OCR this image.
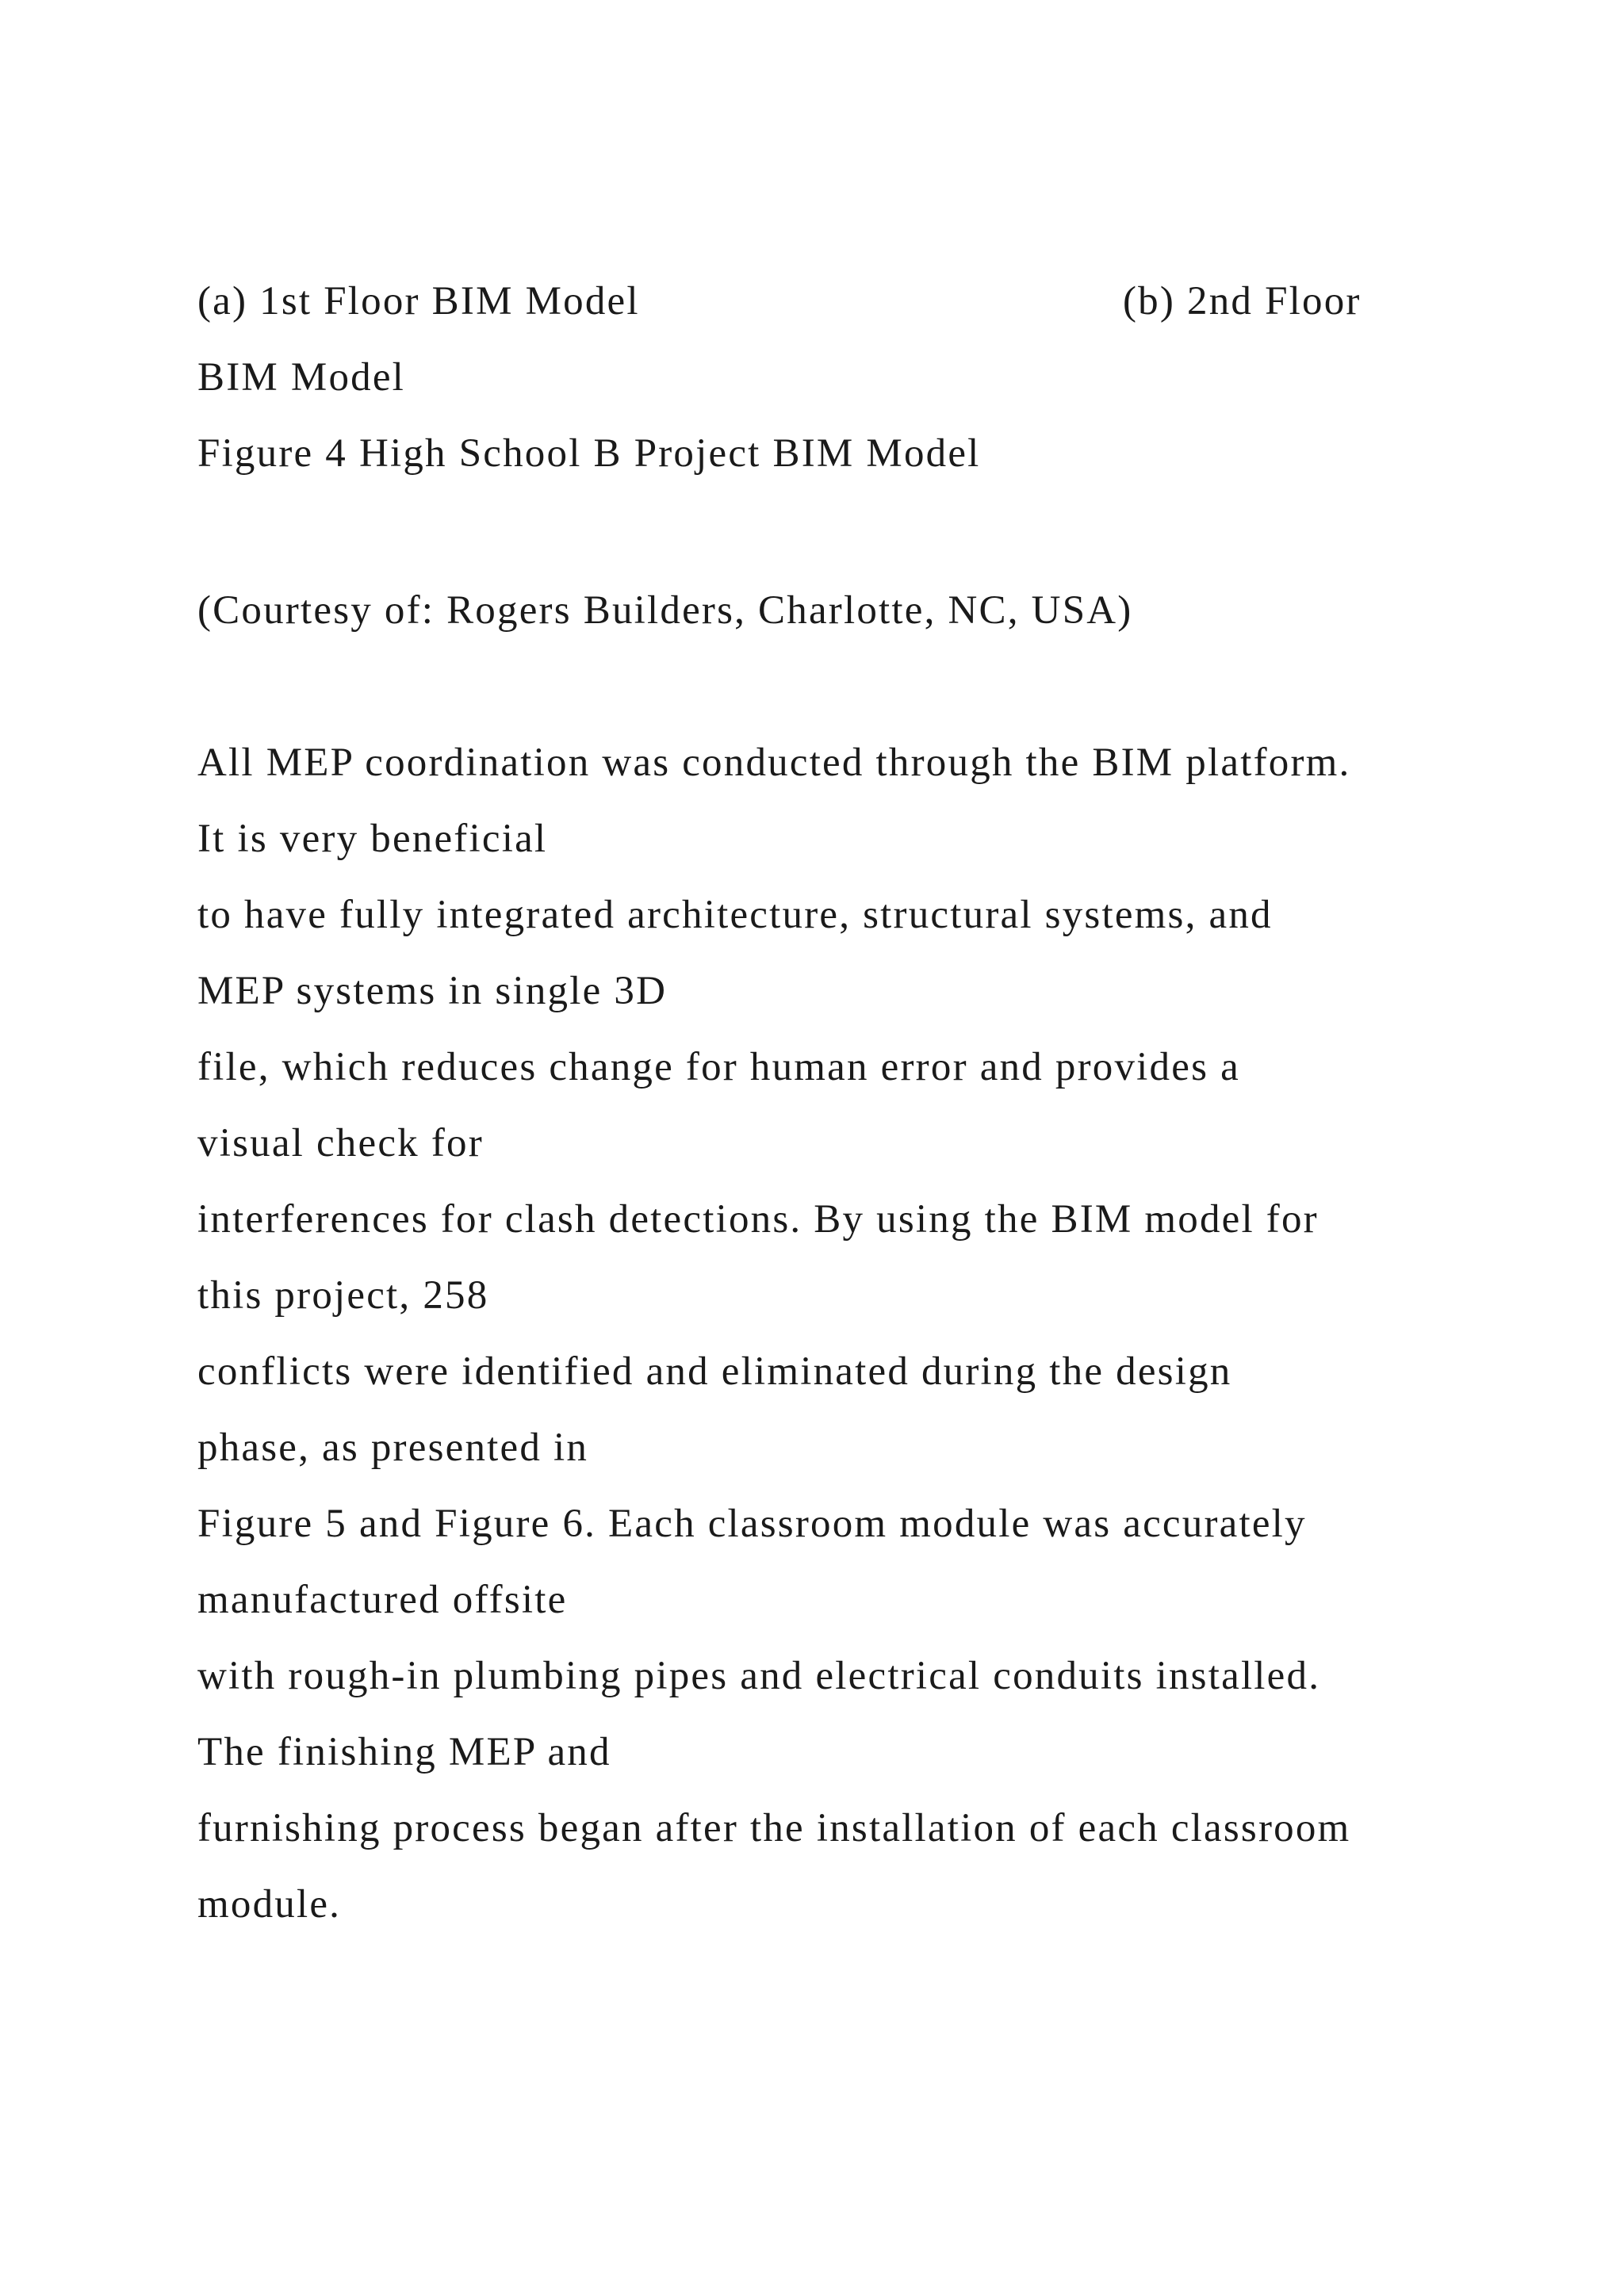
(a) 1st Floor BIM Model	(b) 2nd Floor
BIM Model
Figure 4 High School B Project BIM Model
(Courtesy of: Rogers Builders, Charlotte, NC, USA)
All MEP coordination was conducted through the BIM platform.
It is very beneficial
to have fully integrated architecture, structural systems, and
MEP systems in single 3D
file, which reduces change for human error and provides a
visual check for
interferences for clash detections. By using the BIM model for
this project, 258
conflicts were identified and eliminated during the design
phase, as presented in
Figure 5 and Figure 6. Each classroom module was accurately
manufactured offsite
with rough-in plumbing pipes and electrical conduits installed.
The finishing MEP and
furnishing process began after the installation of each classroom
module.
